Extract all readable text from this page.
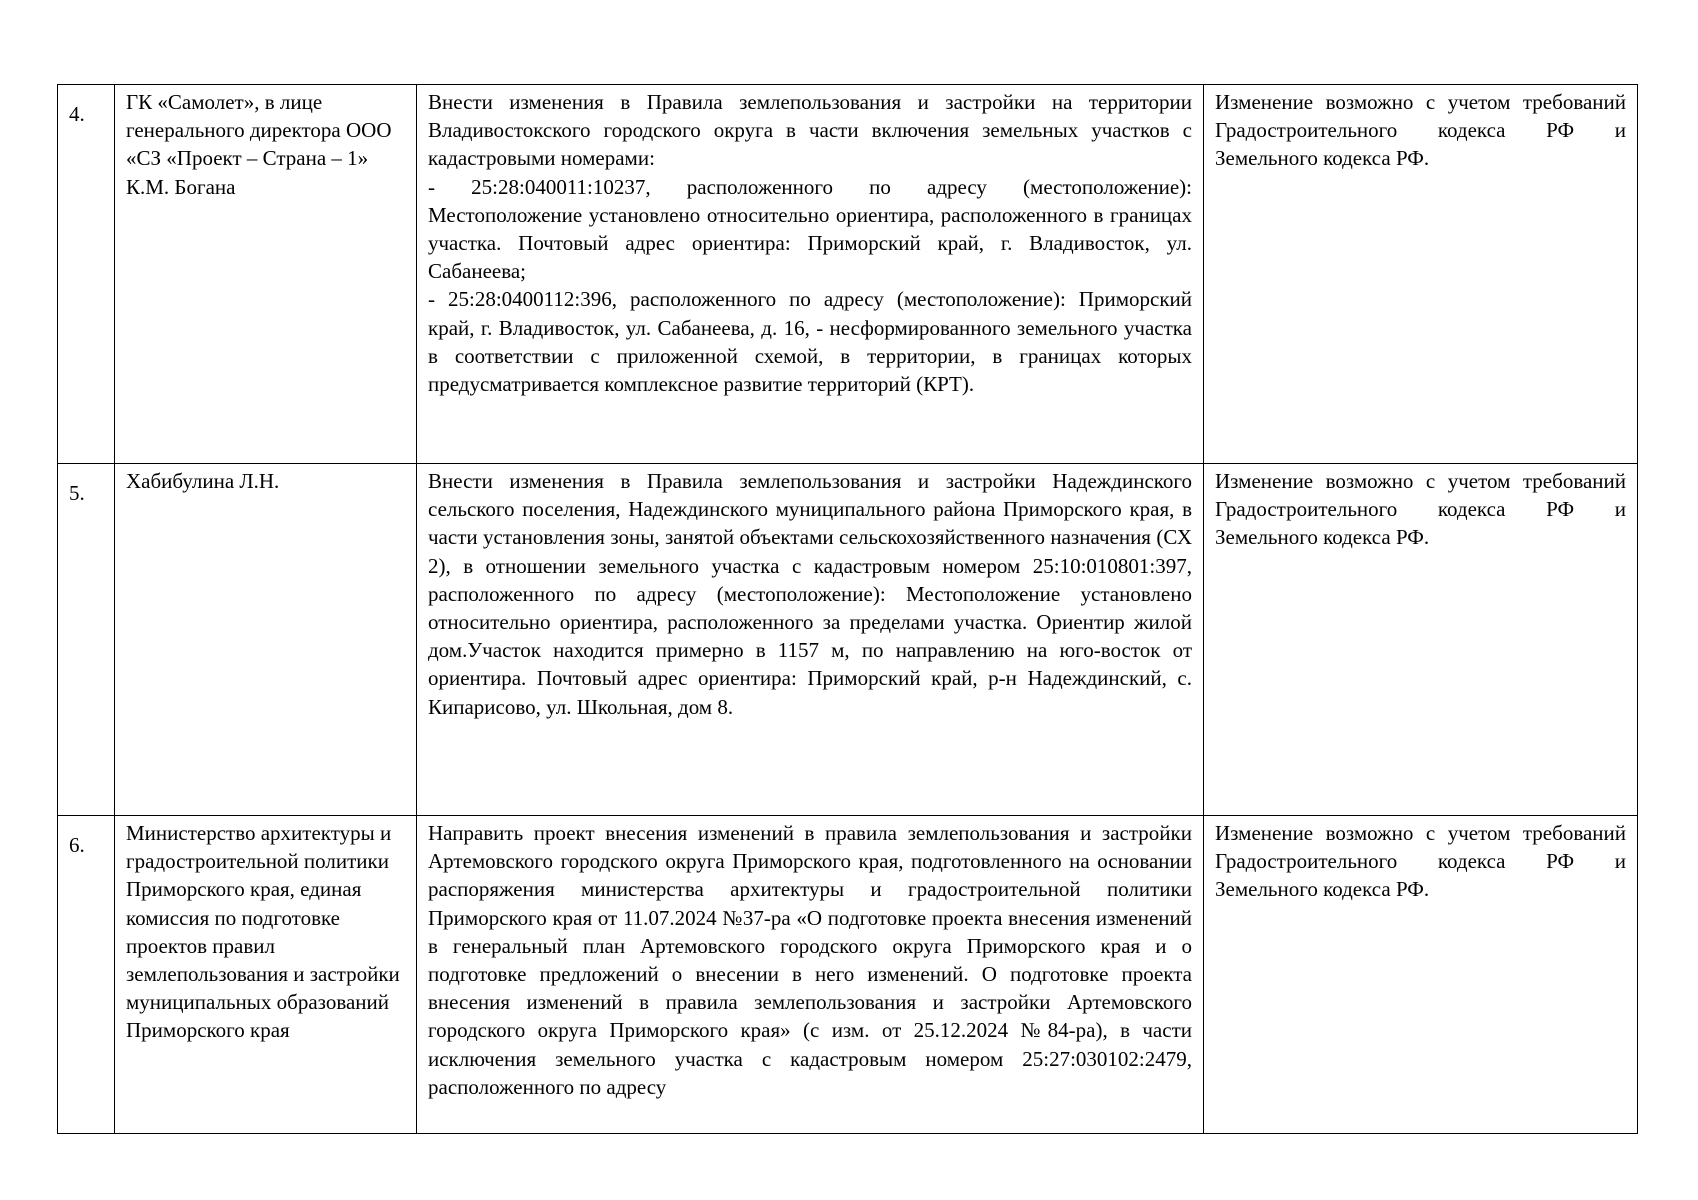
4.	ГК «Самолет», в лице генерального директора ООО «СЗ «Проект – Страна – 1» К.М. Богана	Внести изменения в Правила землепользования и застройки на территории Владивостокского городского округа в части включения земельных участков с кадастровыми номерами:
- 25:28:040011:10237, расположенного по адресу (местоположение): Местоположение установлено относительно ориентира, расположенного в границах участка. Почтовый адрес ориентира: Приморский край, г. Владивосток, ул. Сабанеева;
- 25:28:0400112:396, расположенного по адресу (местоположение): Приморский край, г. Владивосток, ул. Сабанеева, д. 16, - несформированного земельного участка в соответствии с приложенной схемой, в территории, в границах которых предусматривается комплексное развитие территорий (КРТ).	Изменение возможно с учетом требований Градостроительного кодекса РФ и Земельного кодекса РФ.

5.	Хабибулина Л.Н.	Внести изменения в Правила землепользования и застройки Надеждинского сельского поселения, Надеждинского муниципального района Приморского края, в части установления зоны, занятой объектами сельскохозяйственного назначения (СХ 2), в отношении земельного участка с кадастровым номером 25:10:010801:397, расположенного по адресу (местоположение): Местоположение установлено относительно ориентира, расположенного за пределами участка. Ориентир жилой дом.Участок находится примерно в 1157 м, по направлению на юго-восток от ориентира. Почтовый адрес ориентира: Приморский край, р-н Надеждинский, с. Кипарисово, ул. Школьная, дом 8.	Изменение возможно с учетом требований Градостроительного кодекса РФ и Земельного кодекса РФ.

6.	Министерство архитектуры и градостроительной политики Приморского края, единая комиссия по подготовке проектов правил землепользования и застройки муниципальных образований Приморского края	Направить проект внесения изменений в правила землепользования и застройки Артемовского городского округа Приморского края, подготовленного на основании распоряжения министерства архитектуры и градостроительной политики Приморского края от 11.07.2024 №37-ра «О подготовке проекта внесения изменений в генеральный план Артемовского городского округа Приморского края и о подготовке предложений о внесении в него изменений. О подготовке проекта внесения изменений в правила землепользования и застройки Артемовского городского округа Приморского края» (с изм. от 25.12.2024 №84-ра), в части исключения земельного участка с кадастровым номером 25:27:030102:2479, расположенного по адресу	Изменение возможно с учетом требований Градостроительного кодекса РФ и Земельного кодекса РФ.
